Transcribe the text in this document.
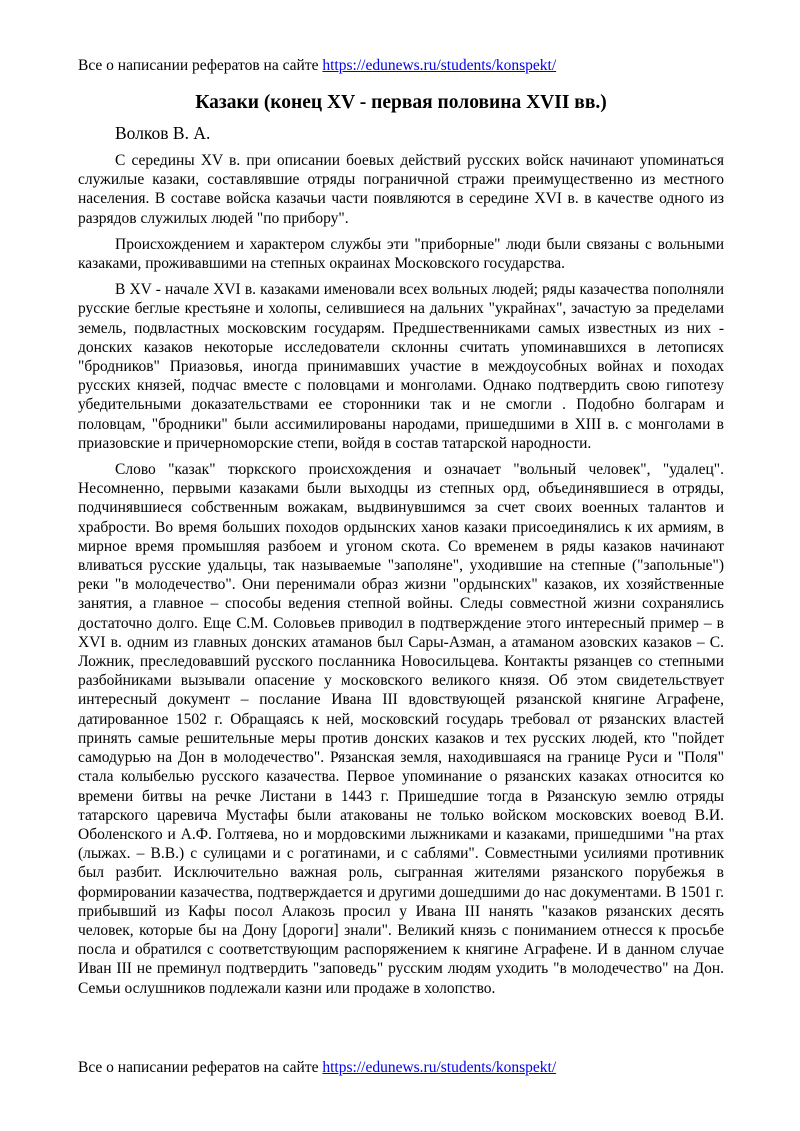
Все о написании рефератов на сайте https://edunews.ru/students/konspekt/
Казаки (конец XV - первая половина XVII вв.)

Волков В. А.

С середины XV в. при описании боевых действий русских войск начинают упоминаться служилые казаки, составлявшие отряды пограничной стражи преимущественно из местного населения. В составе войска казачьи части появляются в середине XVI в. в качестве одного из разрядов служилых людей "по прибору".

Происхождением и характером службы эти "приборные" люди были связаны с вольными казаками, проживавшими на степных окраинах Московского государства.

В XV - начале XVI в. казаками именовали всех вольных людей; ряды казачества пополняли русские беглые крестьяне и холопы, селившиеся на дальних "украйнах", зачастую за пределами земель, подвластных московским государям. Предшественниками самых известных из них - донских казаков некоторые исследователи склонны считать упоминавшихся в летописях "бродников" Приазовья, иногда принимавших участие в междоусобных войнах и походах русских князей, подчас вместе с половцами и монголами. Однако подтвердить свою гипотезу убедительными доказательствами ее сторонники так и не смогли . Подобно болгарам и половцам, "бродники" были ассимилированы народами, пришедшими в XIII в. с монголами в приазовские и причерноморские степи, войдя в состав татарской народности.

Слово "казак" тюркского происхождения и означает "вольный человек", "удалец". Несомненно, первыми казаками были выходцы из степных орд, объединявшиеся в отряды, подчинявшиеся собственным вожакам, выдвинувшимся за счет своих военных талантов и храбрости. Во время больших походов ордынских ханов казаки присоединялись к их армиям, в мирное время промышляя разбоем и угоном скота. Со временем в ряды казаков начинают вливаться русские удальцы, так называемые "заполяне", уходившие на степные ("запольные") реки "в молодечество". Они перенимали образ жизни "ордынских" казаков, их хозяйственные занятия, а главное – способы ведения степной войны. Следы совместной жизни сохранялись достаточно долго. Еще С.М. Соловьев приводил в подтверждение этого интересный пример – в XVI в. одним из главных донских атаманов был Сары-Азман, а атаманом азовских казаков – С. Ложник, преследовавший русского посланника Новосильцева. Контакты рязанцев со степными разбойниками вызывали опасение у московского великого князя. Об этом свидетельствует интересный документ – послание Ивана III вдовствующей рязанской княгине Аграфене, датированное 1502 г. Обращаясь к ней, московский государь требовал от рязанских властей принять самые решительные меры против донских казаков и тех русских людей, кто "пойдет самодурью на Дон в молодечество". Рязанская земля, находившаяся на границе Руси и "Поля" стала колыбелью русского казачества. Первое упоминание о рязанских казаках относится ко времени битвы на речке Листани в 1443 г. Пришедшие тогда в Рязанскую землю отряды татарского царевича Мустафы были атакованы не только войском московских воевод В.И. Оболенского и А.Ф. Голтяева, но и мордовскими лыжниками и казаками, пришедшими "на ртах (лыжах. – В.В.) с сулицами и с рогатинами, и с саблями". Совместными усилиями противник был разбит. Исключительно важная роль, сыгранная жителями рязанского порубежья в формировании казачества, подтверждается и другими дошедшими до нас документами. В 1501 г. прибывший из Кафы посол Алакозь просил у Ивана III нанять "казаков рязанских десять человек, которые бы на Дону [дороги] знали". Великий князь с пониманием отнесся к просьбе посла и обратился с соответствующим распоряжением к княгине Аграфене. И в данном случае Иван III не преминул подтвердить "заповедь" русским людям уходить "в молодечество" на Дон. Семьи ослушников подлежали казни или продаже в холопство.

Все о написании рефератов на сайте https://edunews.ru/students/konspekt/
